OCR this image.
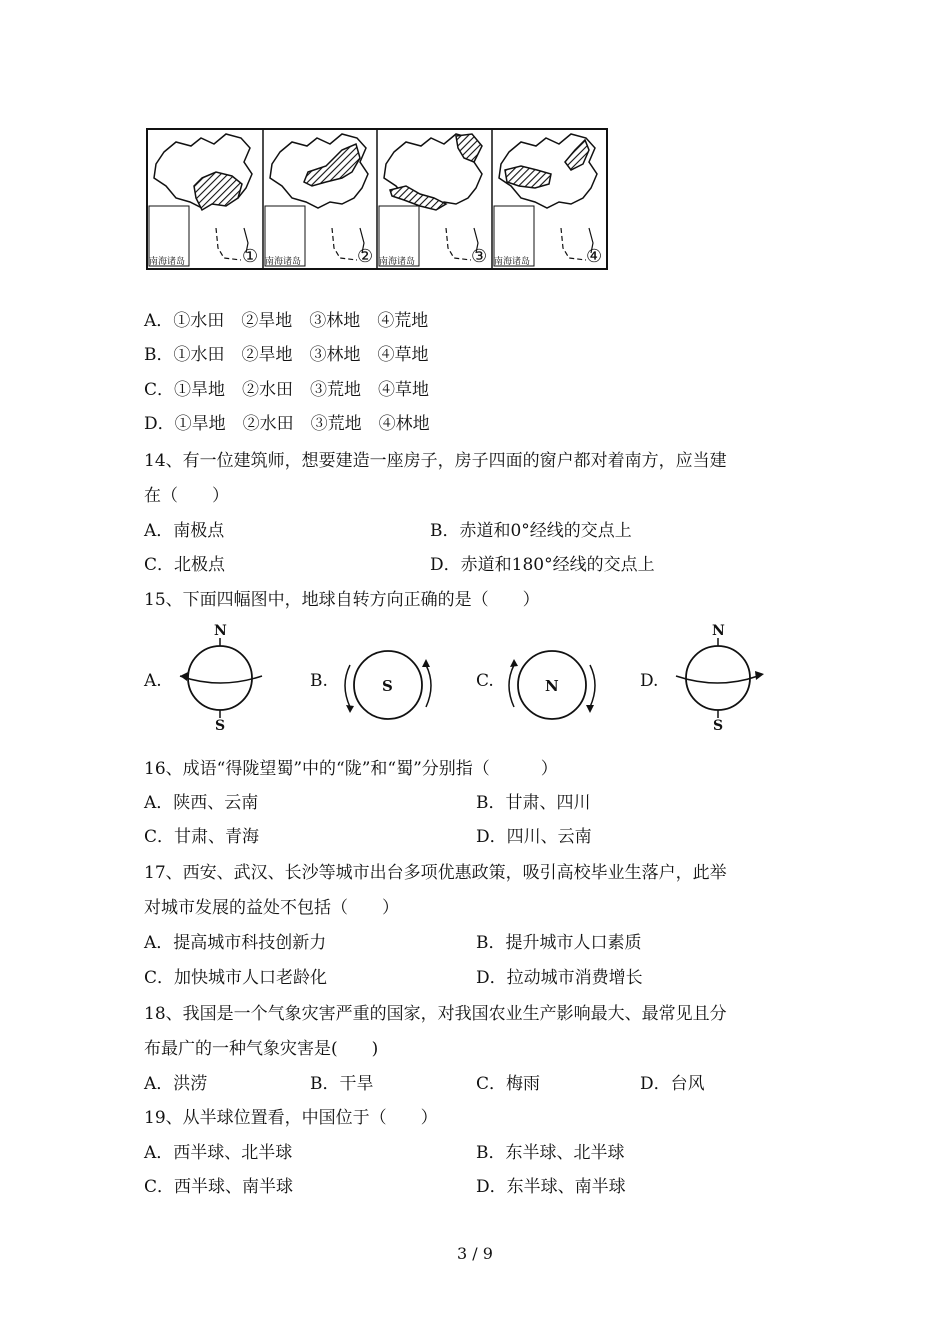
南海诸岛	南海诸岛	南海诸岛	南海诸岛
①	②	③	④
A．①水田　②旱地　③林地　④荒地
B．①水田　②旱地　③林地　④草地
C．①旱地　②水田　③荒地　④草地
D．①旱地　②水田　③荒地　④林地
14、有一位建筑师，想要建造一座房子，房子四面的窗户都对着南方，应当建
在（　　）
A．南极点	B．赤道和0°经线的交点上
C．北极点	D．赤道和180°经线的交点上
15、下面四幅图中，地球自转方向正确的是（　　）
A.
N
S
B.	S	C.	N	D.
N
S
16、成语“得陇望蜀”中的“陇”和“蜀”分别指（　　　）
A．陕西、云南	B．甘肃、四川
C．甘肃、青海	D．四川、云南
17、西安、武汉、长沙等城市出台多项优惠政策，吸引高校毕业生落户，此举
对城市发展的益处不包括（　　）
A．提高城市科技创新力	B．提升城市人口素质
C．加快城市人口老龄化	D．拉动城市消费增长
18、我国是一个气象灾害严重的国家，对我国农业生产影响最大、最常见且分
布最广的一种气象灾害是(　　)
A．洪涝	B．干旱	C．梅雨	D．台风
19、从半球位置看，中国位于（　　）
A．西半球、北半球	B．东半球、北半球
C．西半球、南半球	D．东半球、南半球
3 / 9
